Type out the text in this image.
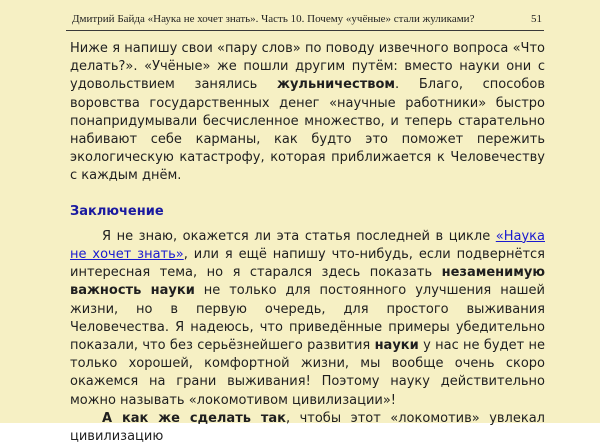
Дмитрий Байда «Наука не хочет знать». Часть 10. Почему «учёные» стали жуликами?	51

Ниже я напишу свои «пару слов» по поводу извечного вопроса «Что делать?». «Учёные» же пошли другим путём: вместо науки они с удовольствием занялись жульничеством. Благо, способов воровства государственных денег «научные работники» быстро понапридумывали бесчисленное множество, и теперь старательно набивают себе карманы, как будто это поможет пережить экологическую катастрофу, которая приближается к Человечеству с каждым днём.

Заключение

Я не знаю, окажется ли эта статья последней в цикле «Наука не хочет знать», или я ещё напишу что-нибудь, если подвернётся интересная тема, но я старался здесь показать незаменимую важность науки не только для постоянного улучшения нашей жизни, но в первую очередь, для простого выживания Человечества. Я надеюсь, что приведённые примеры убедительно показали, что без серьёзнейшего развития науки у нас не будет не только хорошей, комфортной жизни, мы вообще очень скоро окажемся на грани выживания! Поэтому науку действительно можно называть «локомотивом цивилизации»!

А как же сделать так, чтобы этот «локомотив» увлекал цивилизацию
